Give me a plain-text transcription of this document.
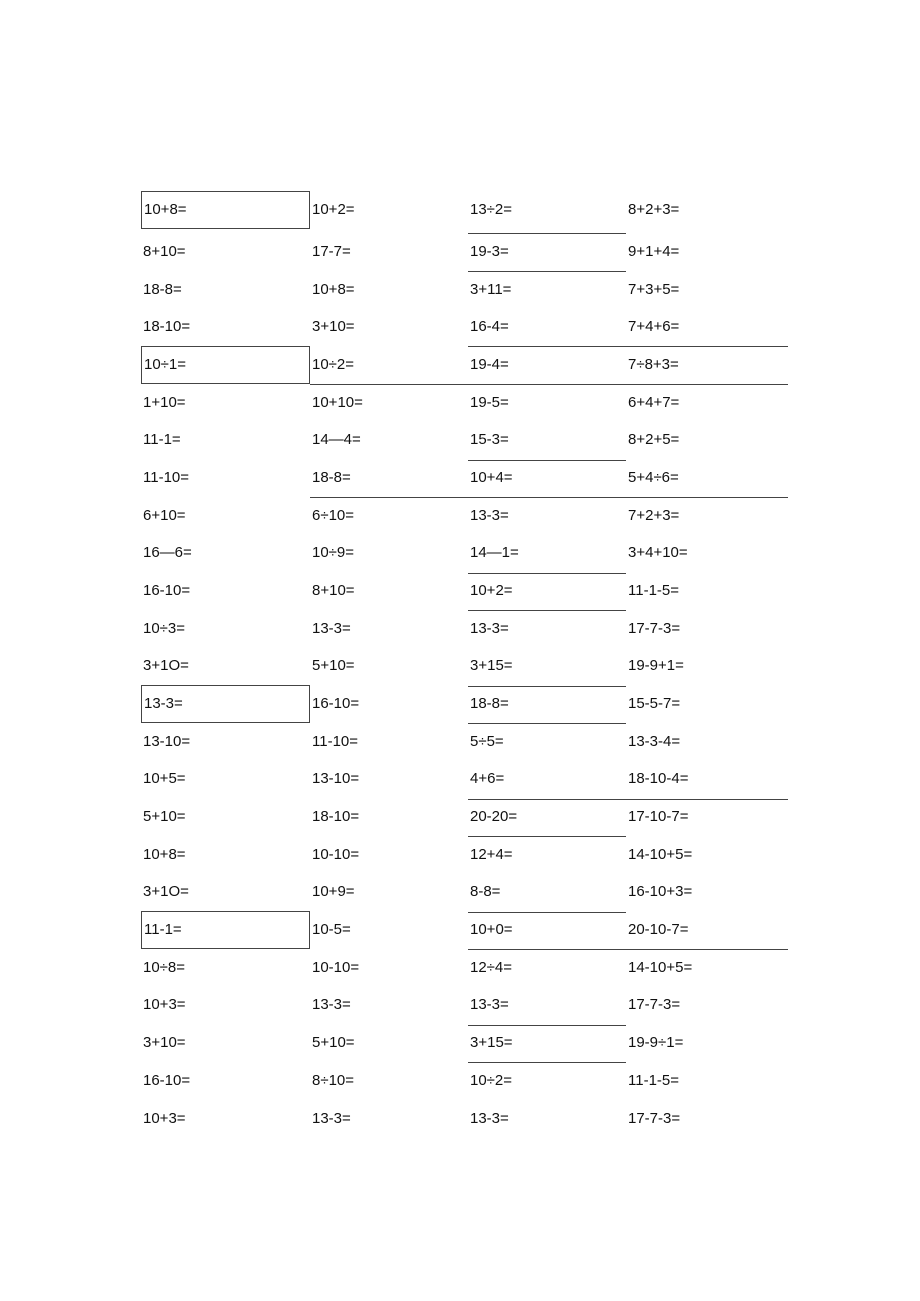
10+8=	10+2=	13÷2=	8+2+3=
8+10=	17-7=	19-3=	9+1+4=
18-8=	10+8=	3+11=	7+3+5=
18-10=	3+10=	16-4=	7+4+6=
10÷1=	10÷2=	19-4=	7÷8+3=
1+10=	10+10=	19-5=	6+4+7=
11-1=	14—4=	15-3=	8+2+5=
11-10=	18-8=	10+4=	5+4÷6=
6+10=	6÷10=	13-3=	7+2+3=
16—6=	10÷9=	14—1=	3+4+10=
16-10=	8+10=	10+2=	11-1-5=
10÷3=	13-3=	13-3=	17-7-3=
3+1O=	5+10=	3+15=	19-9+1=
13-3=	16-10=	18-8=	15-5-7=
13-10=	11-10=	5÷5=	13-3-4=
10+5=	13-10=	4+6=	18-10-4=
5+10=	18-10=	20-20=	17-10-7=
10+8=	10-10=	12+4=	14-10+5=
3+1O=	10+9=	8-8=	16-10+3=
11-1=	10-5=	10+0=	20-10-7=
10÷8=	10-10=	12÷4=	14-10+5=
10+3=	13-3=	13-3=	17-7-3=
3+10=	5+10=	3+15=	19-9÷1=
16-10=	8÷10=	10÷2=	11-1-5=
10+3=	13-3=	13-3=	17-7-3=
